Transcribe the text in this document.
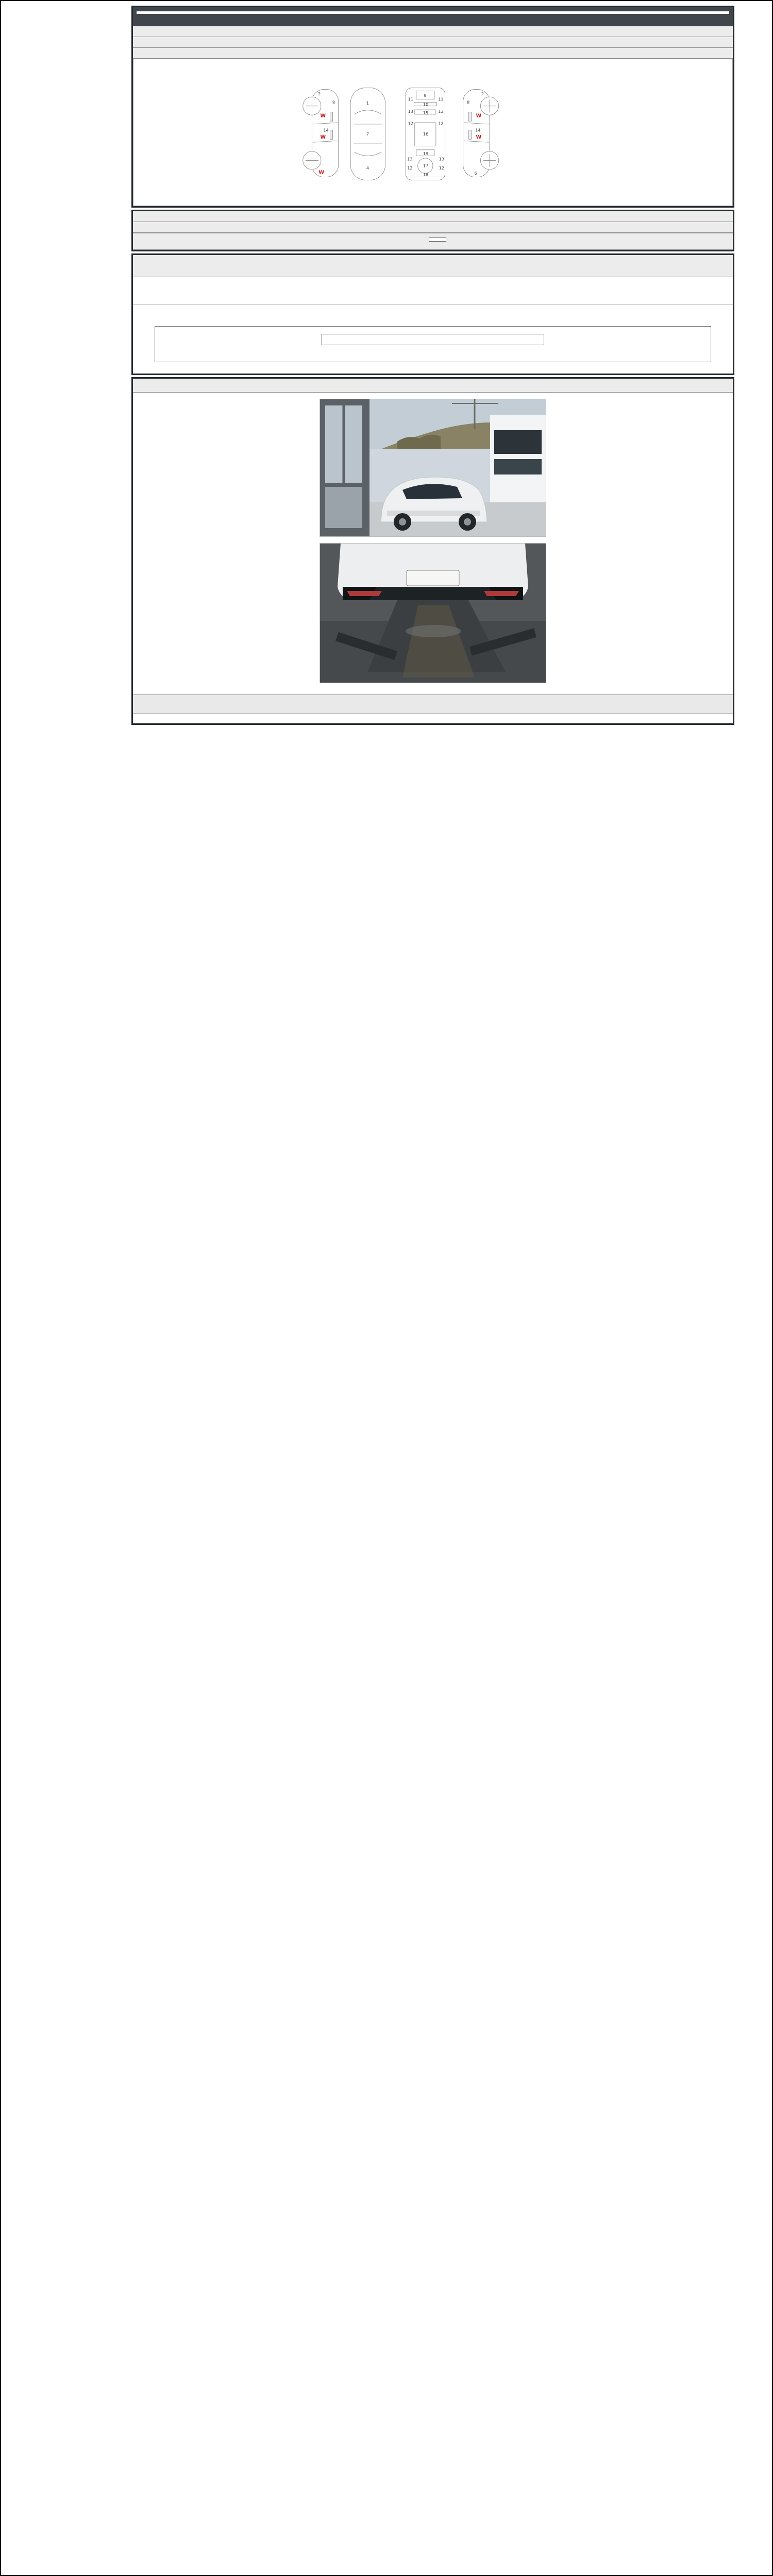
2
8
14
W
W
W
1
7
4
11	11
9
10
15
16
13	13
12	12
19
13	13
12	12
17
18
2
8
14
6
W
W
